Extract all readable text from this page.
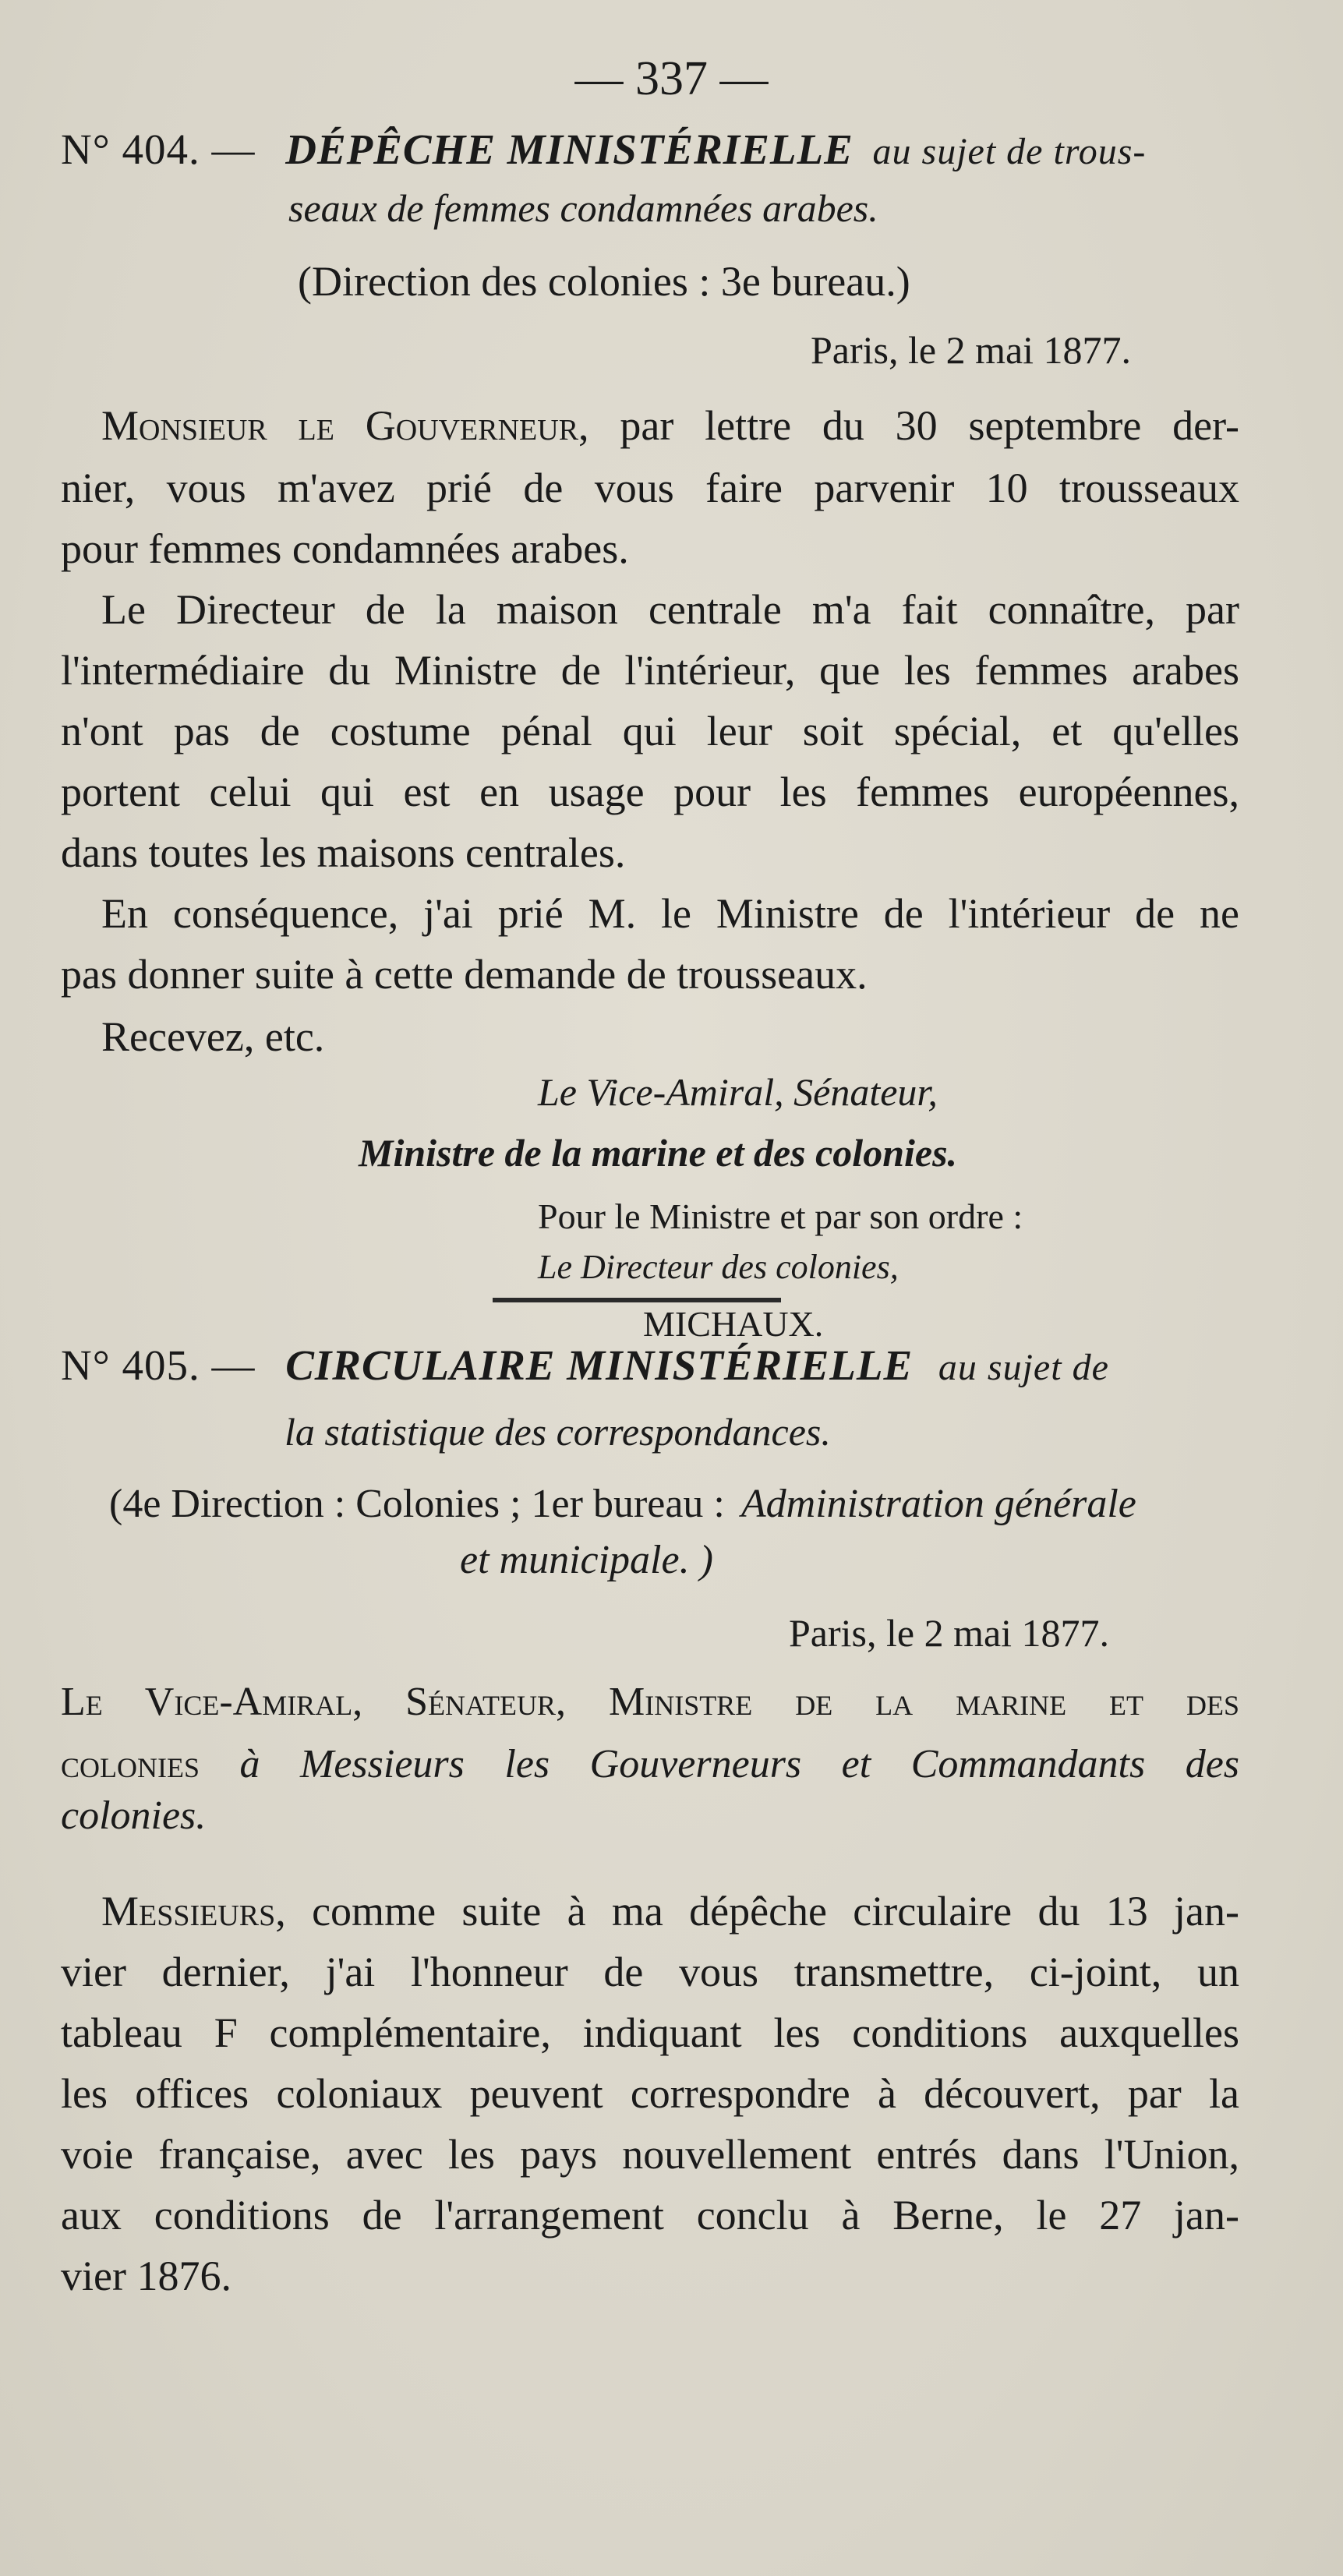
— 337 —
N° 404. — DÉPÊCHE MINISTÉRIELLE au sujet de trous-
seaux de femmes condamnées arabes.
(Direction des colonies : 3e bureau.)
Paris, le 2 mai 1877.
Monsieur le Gouverneur, par lettre du 30 septembre der-
nier, vous m'avez prié de vous faire parvenir 10 trousseaux
pour femmes condamnées arabes.
Le Directeur de la maison centrale m'a fait connaître, par
l'intermédiaire du Ministre de l'intérieur, que les femmes arabes
n'ont pas de costume pénal qui leur soit spécial, et qu'elles
portent celui qui est en usage pour les femmes européennes,
dans toutes les maisons centrales.
En conséquence, j'ai prié M. le Ministre de l'intérieur de ne
pas donner suite à cette demande de trousseaux.
Recevez, etc.
Le Vice-Amiral, Sénateur,
Ministre de la marine et des colonies.
Pour le Ministre et par son ordre :
Le Directeur des colonies,
MICHAUX.
N° 405. — CIRCULAIRE MINISTÉRIELLE au sujet de
la statistique des correspondances.
(4e Direction : Colonies ; 1er bureau : Administration générale
et municipale. )
Paris, le 2 mai 1877.
Le Vice-Amiral, Sénateur, Ministre de la marine et des
colonies à Messieurs les Gouverneurs et Commandants des
colonies.
Messieurs, comme suite à ma dépêche circulaire du 13 jan-
vier dernier, j'ai l'honneur de vous transmettre, ci-joint, un
tableau F complémentaire, indiquant les conditions auxquelles
les offices coloniaux peuvent correspondre à découvert, par la
voie française, avec les pays nouvellement entrés dans l'Union,
aux conditions de l'arrangement conclu à Berne, le 27 jan-
vier 1876.
